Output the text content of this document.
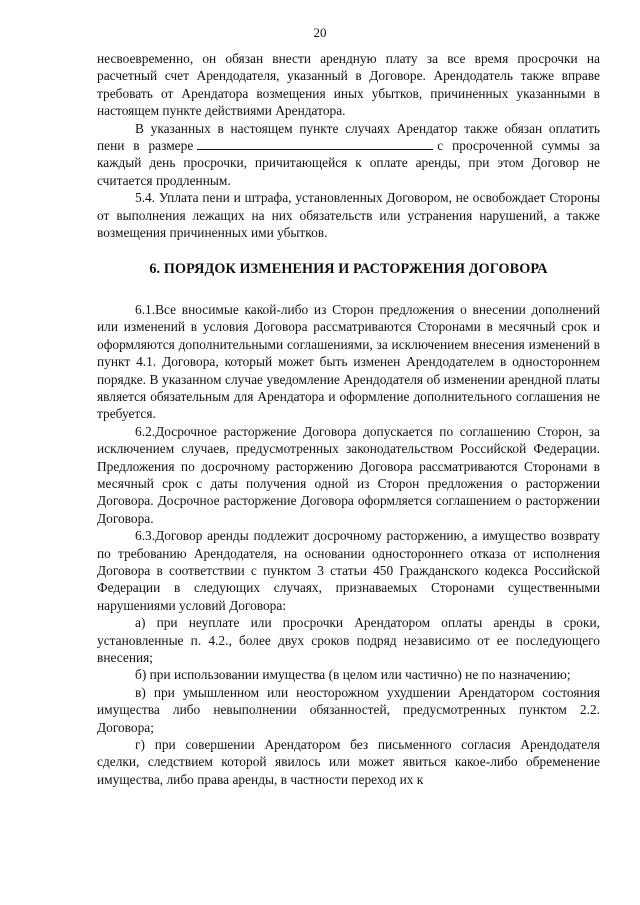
20

несвоевременно, он обязан внести арендную плату за все время просрочки на расчетный счет Арендодателя, указанный в Договоре. Арендодатель также вправе требовать от Арендатора возмещения иных убытков, причиненных указанными в настоящем пункте действиями Арендатора.

В указанных в настоящем пункте случаях Арендатор также обязан оплатить пени в размере	с просроченной суммы за каждый день просрочки, причитающейся к оплате аренды, при этом Договор не считается продленным.

5.4. Уплата пени и штрафа, установленных Договором, не освобождает Стороны от выполнения лежащих на них обязательств или устранения нарушений, а также возмещения причиненных ими убытков.

6. ПОРЯДОК ИЗМЕНЕНИЯ И РАСТОРЖЕНИЯ ДОГОВОРА

6.1.Все вносимые какой-либо из Сторон предложения о внесении дополнений или изменений в условия Договора рассматриваются Сторонами в месячный срок и оформляются дополнительными соглашениями, за исключением внесения изменений в пункт 4.1. Договора, который может быть изменен Арендодателем в одностороннем порядке. В указанном случае уведомление Арендодателя об изменении арендной платы является обязательным для Арендатора и оформление дополнительного соглашения не требуется.

6.2.Досрочное расторжение Договора допускается по соглашению Сторон, за исключением случаев, предусмотренных законодательством Российской Федерации. Предложения по досрочному расторжению Договора рассматриваются Сторонами в месячный срок с даты получения одной из Сторон предложения о расторжении Договора. Досрочное расторжение Договора оформляется соглашением о расторжении Договора.

6.3.Договор аренды подлежит досрочному расторжению, а имущество возврату по требованию Арендодателя, на основании одностороннего отказа от исполнения Договора в соответствии с пунктом 3 статьи 450 Гражданского кодекса Российской Федерации в следующих случаях, признаваемых Сторонами существенными нарушениями условий Договора:

а) при неуплате или просрочки Арендатором оплаты аренды в сроки, установленные п. 4.2., более двух сроков подряд независимо от ее последующего внесения;

б) при использовании имущества (в целом или частично) не по назначению;

в) при умышленном или неосторожном ухудшении Арендатором состояния имущества либо невыполнении обязанностей, предусмотренных пунктом 2.2. Договора;

г) при совершении Арендатором без письменного согласия Арендодателя сделки, следствием которой явилось или может явиться какое-либо обременение имущества, либо права аренды, в частности переход их к
